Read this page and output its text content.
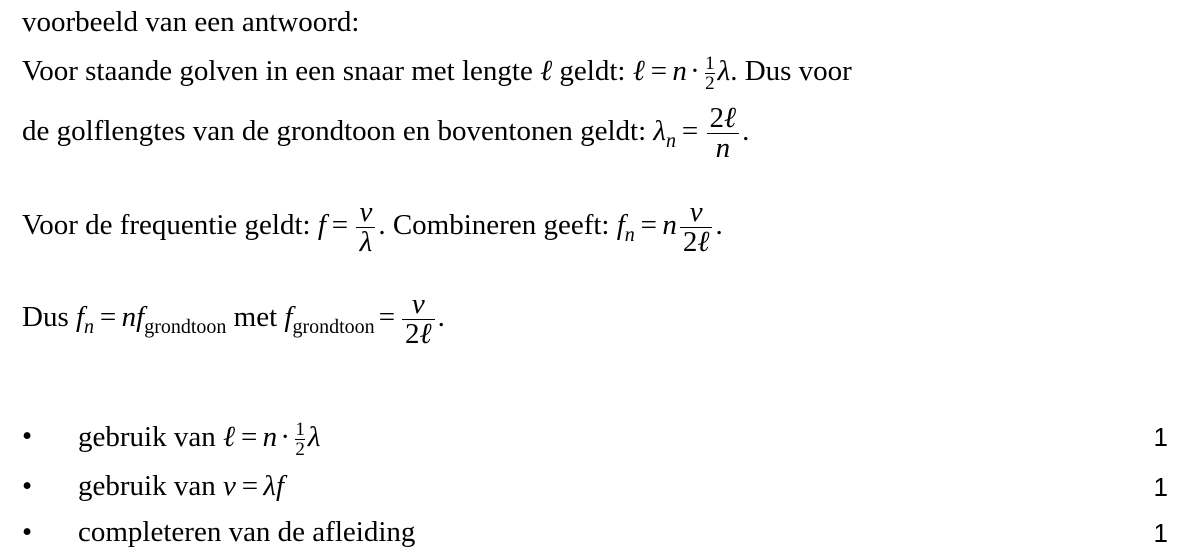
voorbeeld van een antwoord:
Voor staande golven in een snaar met lengte ℓ geldt: ℓ = $n \cdot \frac{1}{2} \lambda$. Dus voor
de golflengtes van de grondtoon en boventonen geldt: $\lambda_n = \frac{\text{2ℓ}}{n}$ .
Voor de frequentie geldt: $f = \frac{v}{\lambda}$ . Combineren geeft: $f_n = n \frac{v}{\text{2ℓ}}$ .
Dus $f_n = nf_{grondtoon}$ met $f_{grondtoon} = \frac{v}{\text{2ℓ}}$ .
• gebruik van ℓ = $n \cdot \frac{1}{2}$ λ	1
• gebruik van v = λf	1
• completeren van de afleiding	1
